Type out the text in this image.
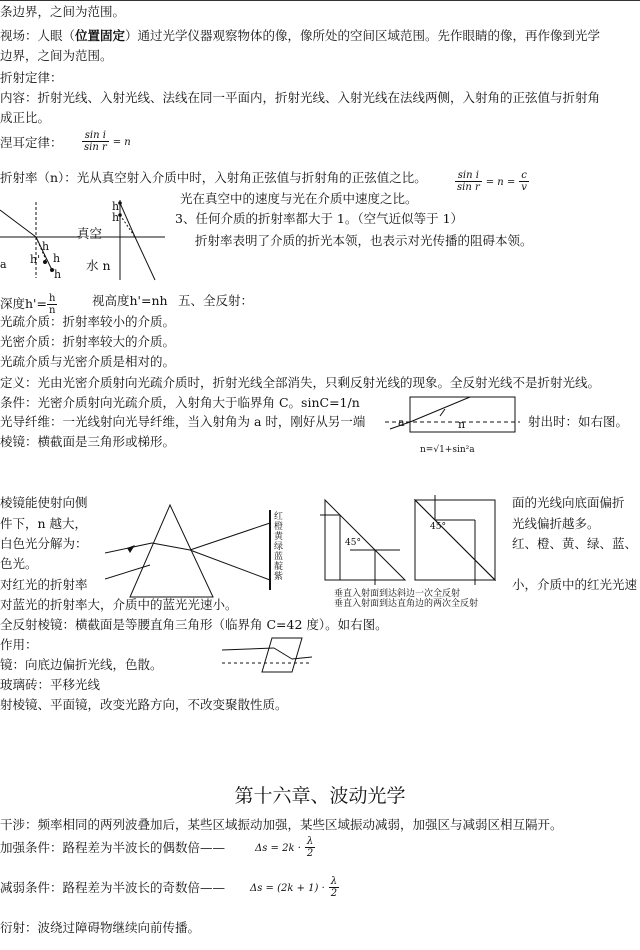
条边界，之间为范围。
视场：人眼（位置固定）通过光学仪器观察物体的像，像所处的空间区域范围。先作眼睛的像，再作像到光学
边界，之间为范围。
折射定律：
内容：折射光线、入射光线、法线在同一平面内，折射光线、入射光线在法线两侧，入射角的正弦值与折射角
成正比。
涅耳定律： $\frac{\text{sin i}}{\text{sin r}} = n$
折射率（n）：光从真空射入介质中时，入射角正弦值与折射角的正弦值之比。	$\frac{\text{sin i}}{\text{sin r}} = n = \frac{c}{v}$
光在真空中的速度与光在介质中速度之比。
3、任何介质的折射率都大于 1。（空气近似等于 1）
折射率表明了介质的折光本领，也表示对光传播的阻碍本领。
h
h' h
h
a
深度$h'= \frac{h}{n}$
h
h
真空
水 n
视高度h'=nh 五、全反射：
光疏介质：折射率较小的介质。
光密介质：折射率较大的介质。
光疏介质与光密介质是相对的。
定义：光由光密介质射向光疏介质时，折射光线全部消失，只剩反射光线的现象。全反射光线不是折射光线。
条件：光密介质射向光疏介质，入射角大于临界角 C。sinC=1/n
光导纤维：一光线射向光导纤维，当入射角为 a 时，刚好从另一端	射出时：如右图。
棱镜：横截面是三角形或梯形。
a	n
n=√1+sin²a
棱镜能使射向侧	面的光线向底面偏折
件下，n 越大，	光线偏折越多。
白色光分解为：	红、橙、黄、绿、蓝、
色光。
对红光的折射率	小，介质中的红光光速
对蓝光的折射率大，介质中的蓝光光速小。
红
橙
黄
绿
蓝
靛
紫
45°
45°
垂直入射面到达斜边一次全反射
垂直入射面到达直角边的两次全反射
全反射棱镜：横截面是等腰直角三角形（临界角 C=42 度）。如右图。
作用：
镜：向底边偏折光线，色散。
玻璃砖：平移光线
射棱镜、平面镜，改变光路方向，不改变聚散性质。
第十六章、波动光学
干涉：频率相同的两列波叠加后，某些区域振动加强，某些区域振动减弱，加强区与减弱区相互隔开。
加强条件：路程差为半波长的偶数倍——	$\Delta s = 2k \cdot \frac{\lambda}{2}$
减弱条件：路程差为半波长的奇数倍—— $\Delta s = (2k + 1) \cdot \frac{\lambda}{2}$
衍射：波绕过障碍物继续向前传播。
